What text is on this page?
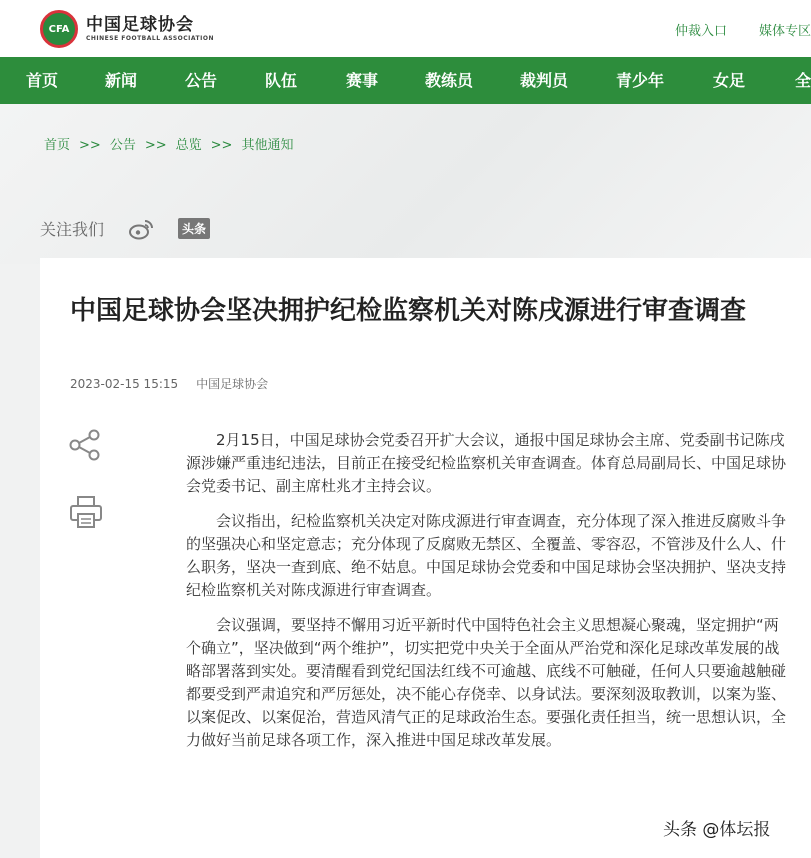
CFA 中国足球协会
CHINESE FOOTBALL ASSOCIATION	仲裁入口 媒体专区
首页	新闻	公告	队伍	赛事	教练员	裁判员	青少年	女足	全
首页 >> 公告 >> 总览 >> 其他通知
关注我们	头条
中国足球协会坚决拥护纪检监察机关对陈戌源进行审查调查
2023-02-15 15:15 中国足球协会

2月15日，中国足球协会党委召开扩大会议，通报中国足球协会主席、党委副书记陈戌源涉嫌严重违纪违法，目前正在接受纪检监察机关审查调查。体育总局副局长、中国足球协会党委书记、副主席杜兆才主持会议。

会议指出，纪检监察机关决定对陈戌源进行审查调查，充分体现了深入推进反腐败斗争的坚强决心和坚定意志；充分体现了反腐败无禁区、全覆盖、零容忍，不管涉及什么人、什么职务，坚决一查到底、绝不姑息。中国足球协会党委和中国足球协会坚决拥护、坚决支持纪检监察机关对陈戌源进行审查调查。

会议强调，要坚持不懈用习近平新时代中国特色社会主义思想凝心聚魂，坚定拥护“两个确立”，坚决做到“两个维护”，切实把党中央关于全面从严治党和深化足球改革发展的战略部署落到实处。要清醒看到党纪国法红线不可逾越、底线不可触碰，任何人只要逾越触碰都要受到严肃追究和严厉惩处，决不能心存侥幸、以身试法。要深刻汲取教训，以案为鉴、以案促改、以案促治，营造风清气正的足球政治生态。要强化责任担当，统一思想认识，全力做好当前足球各项工作，深入推进中国足球改革发展。

头条 @体坛报
